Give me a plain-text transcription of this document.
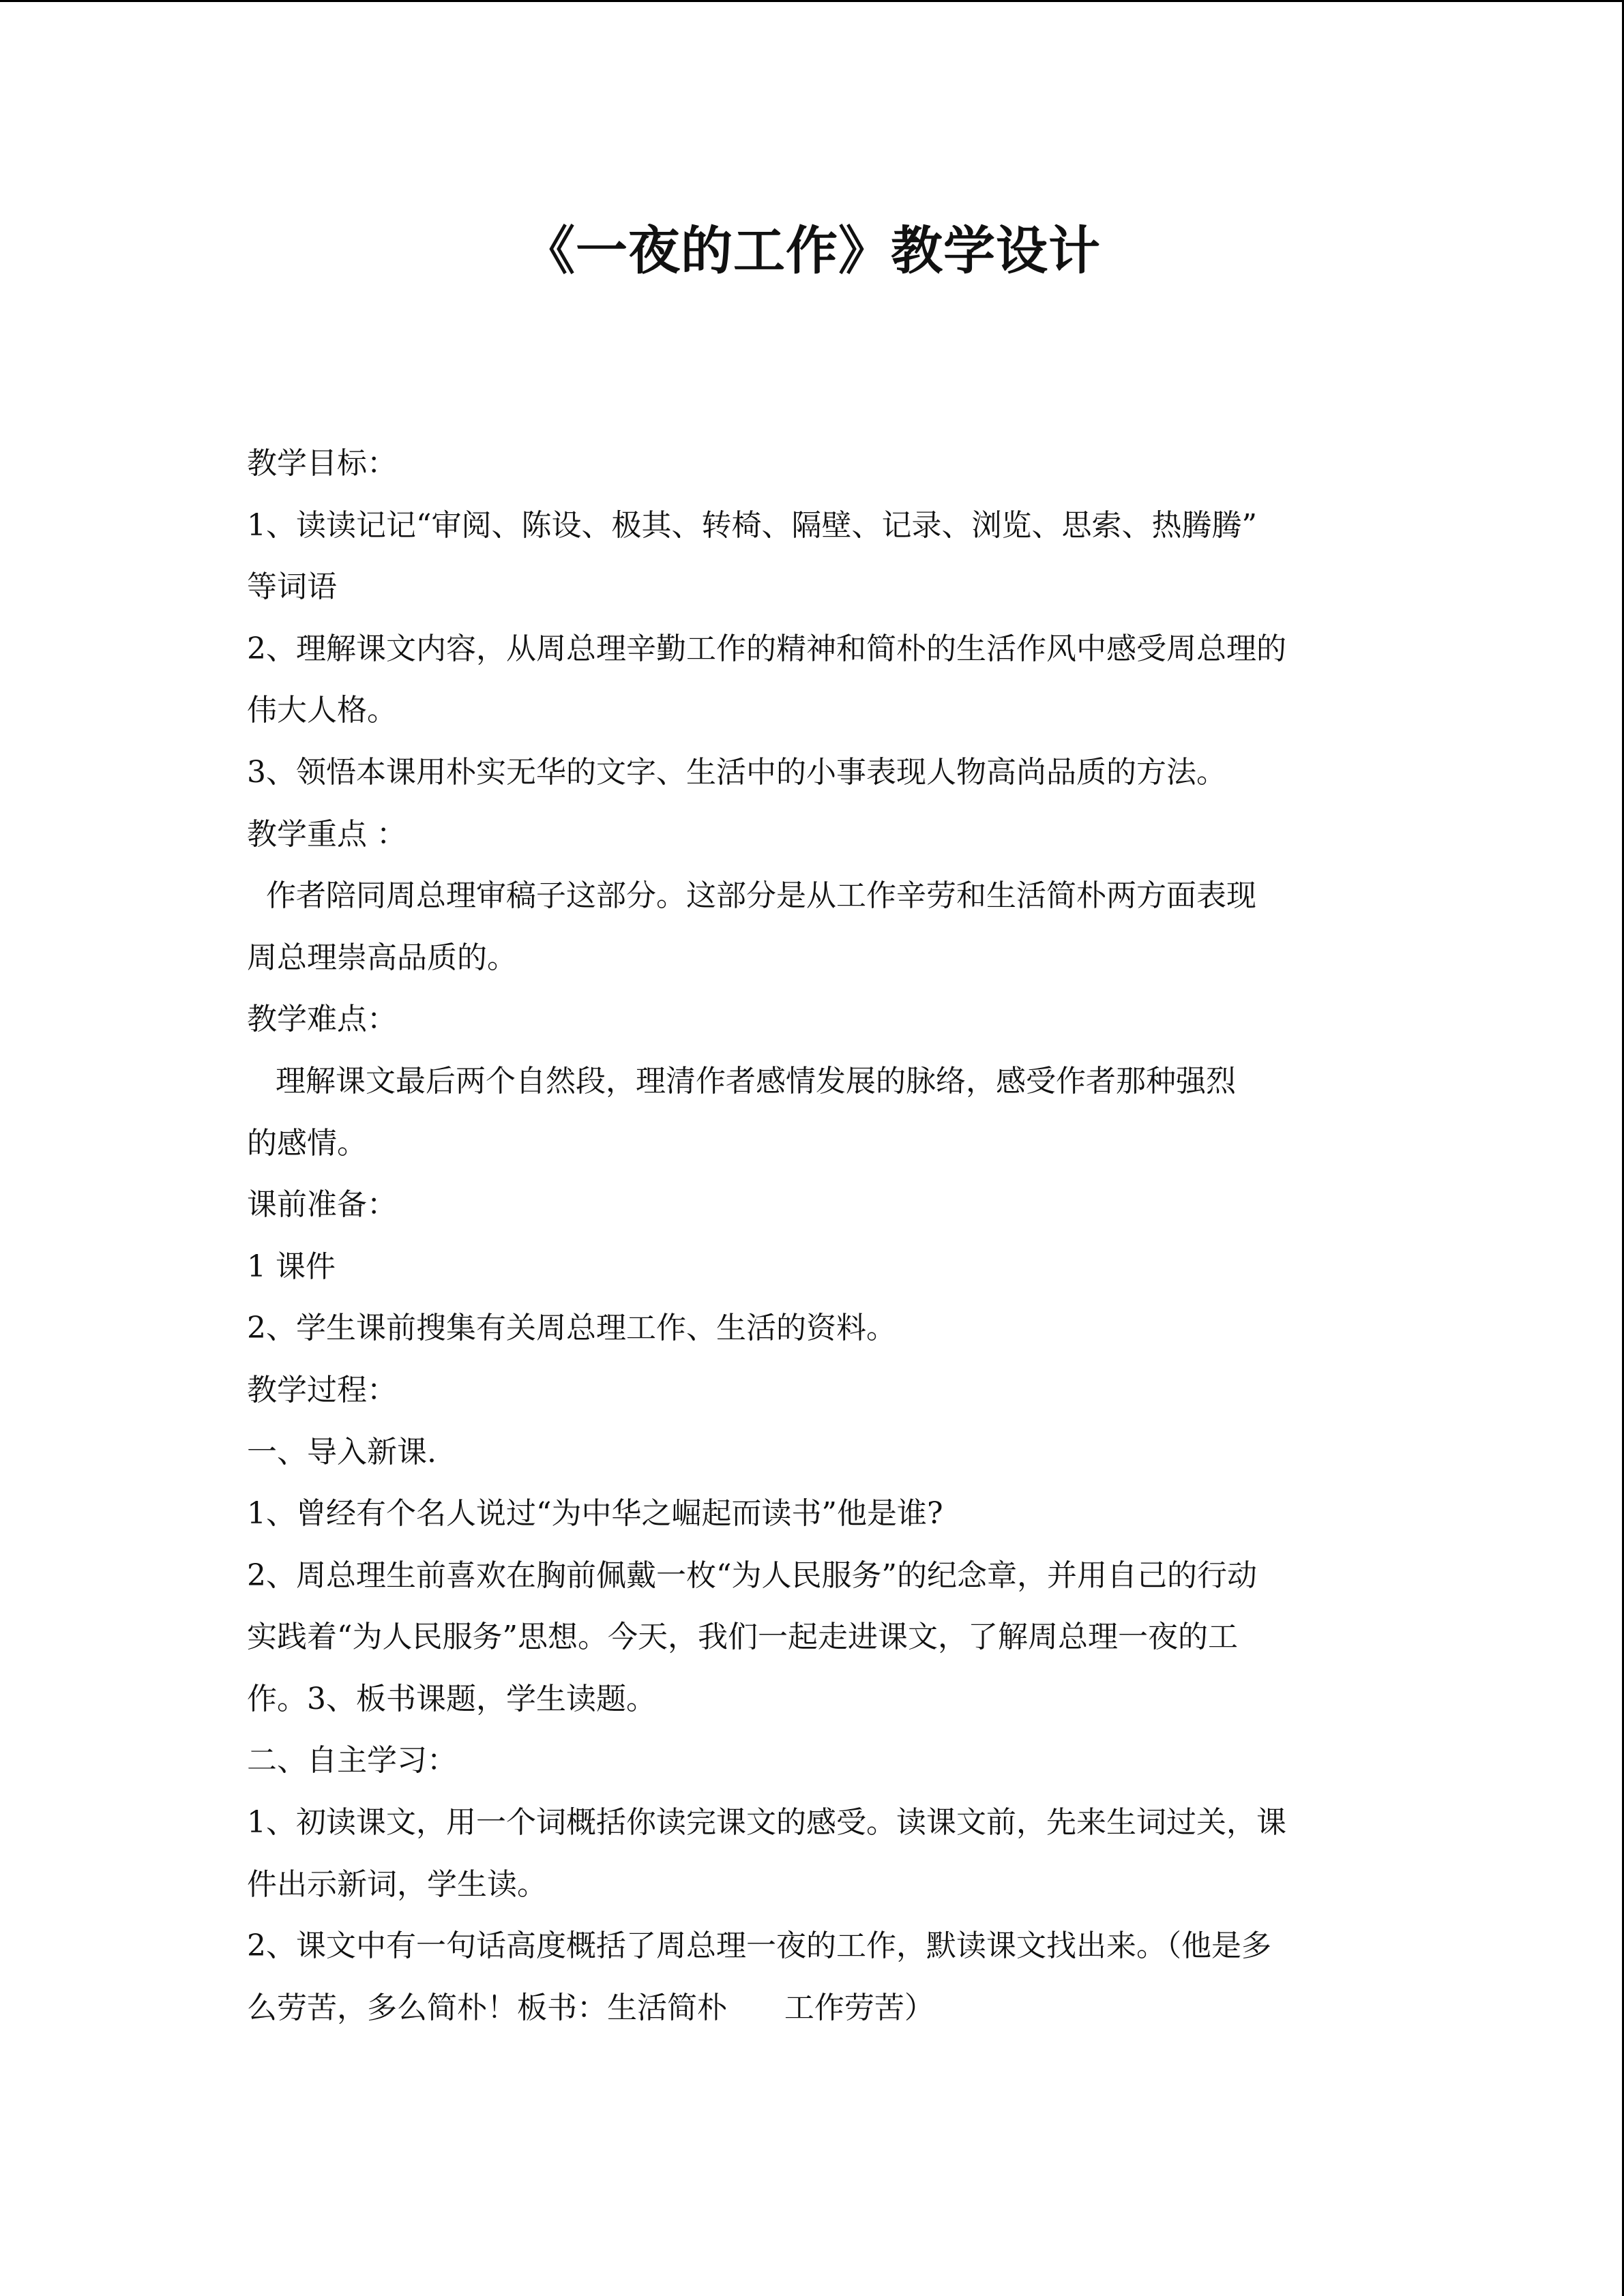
《一夜的工作》教学设计
教学目标：
1、读读记记“审阅、陈设、极其、转椅、隔壁、记录、浏览、思索、热腾腾”
等词语
2、理解课文内容，从周总理辛勤工作的精神和简朴的生活作风中感受周总理的
伟大人格。
3、领悟本课用朴实无华的文字、生活中的小事表现人物高尚品质的方法。
教学重点 ：
作者陪同周总理审稿子这部分。这部分是从工作辛劳和生活简朴两方面表现
周总理崇高品质的。
教学难点：
理解课文最后两个自然段，理清作者感情发展的脉络，感受作者那种强烈
的感情。
课前准备：
1 课件
2、学生课前搜集有关周总理工作、生活的资料。
教学过程：
一、导入新课.
1、曾经有个名人说过“为中华之崛起而读书”他是谁?
2、周总理生前喜欢在胸前佩戴一枚“为人民服务”的纪念章，并用自己的行动
实践着“为人民服务”思想。今天，我们一起走进课文，了解周总理一夜的工
作。3、板书课题，学生读题。
二、自主学习：
1、初读课文，用一个词概括你读完课文的感受。读课文前，先来生词过关，课
件出示新词，学生读。
2、课文中有一句话高度概括了周总理一夜的工作，默读课文找出来。（他是多
么劳苦，多么简朴！板书：生活简朴      工作劳苦）
